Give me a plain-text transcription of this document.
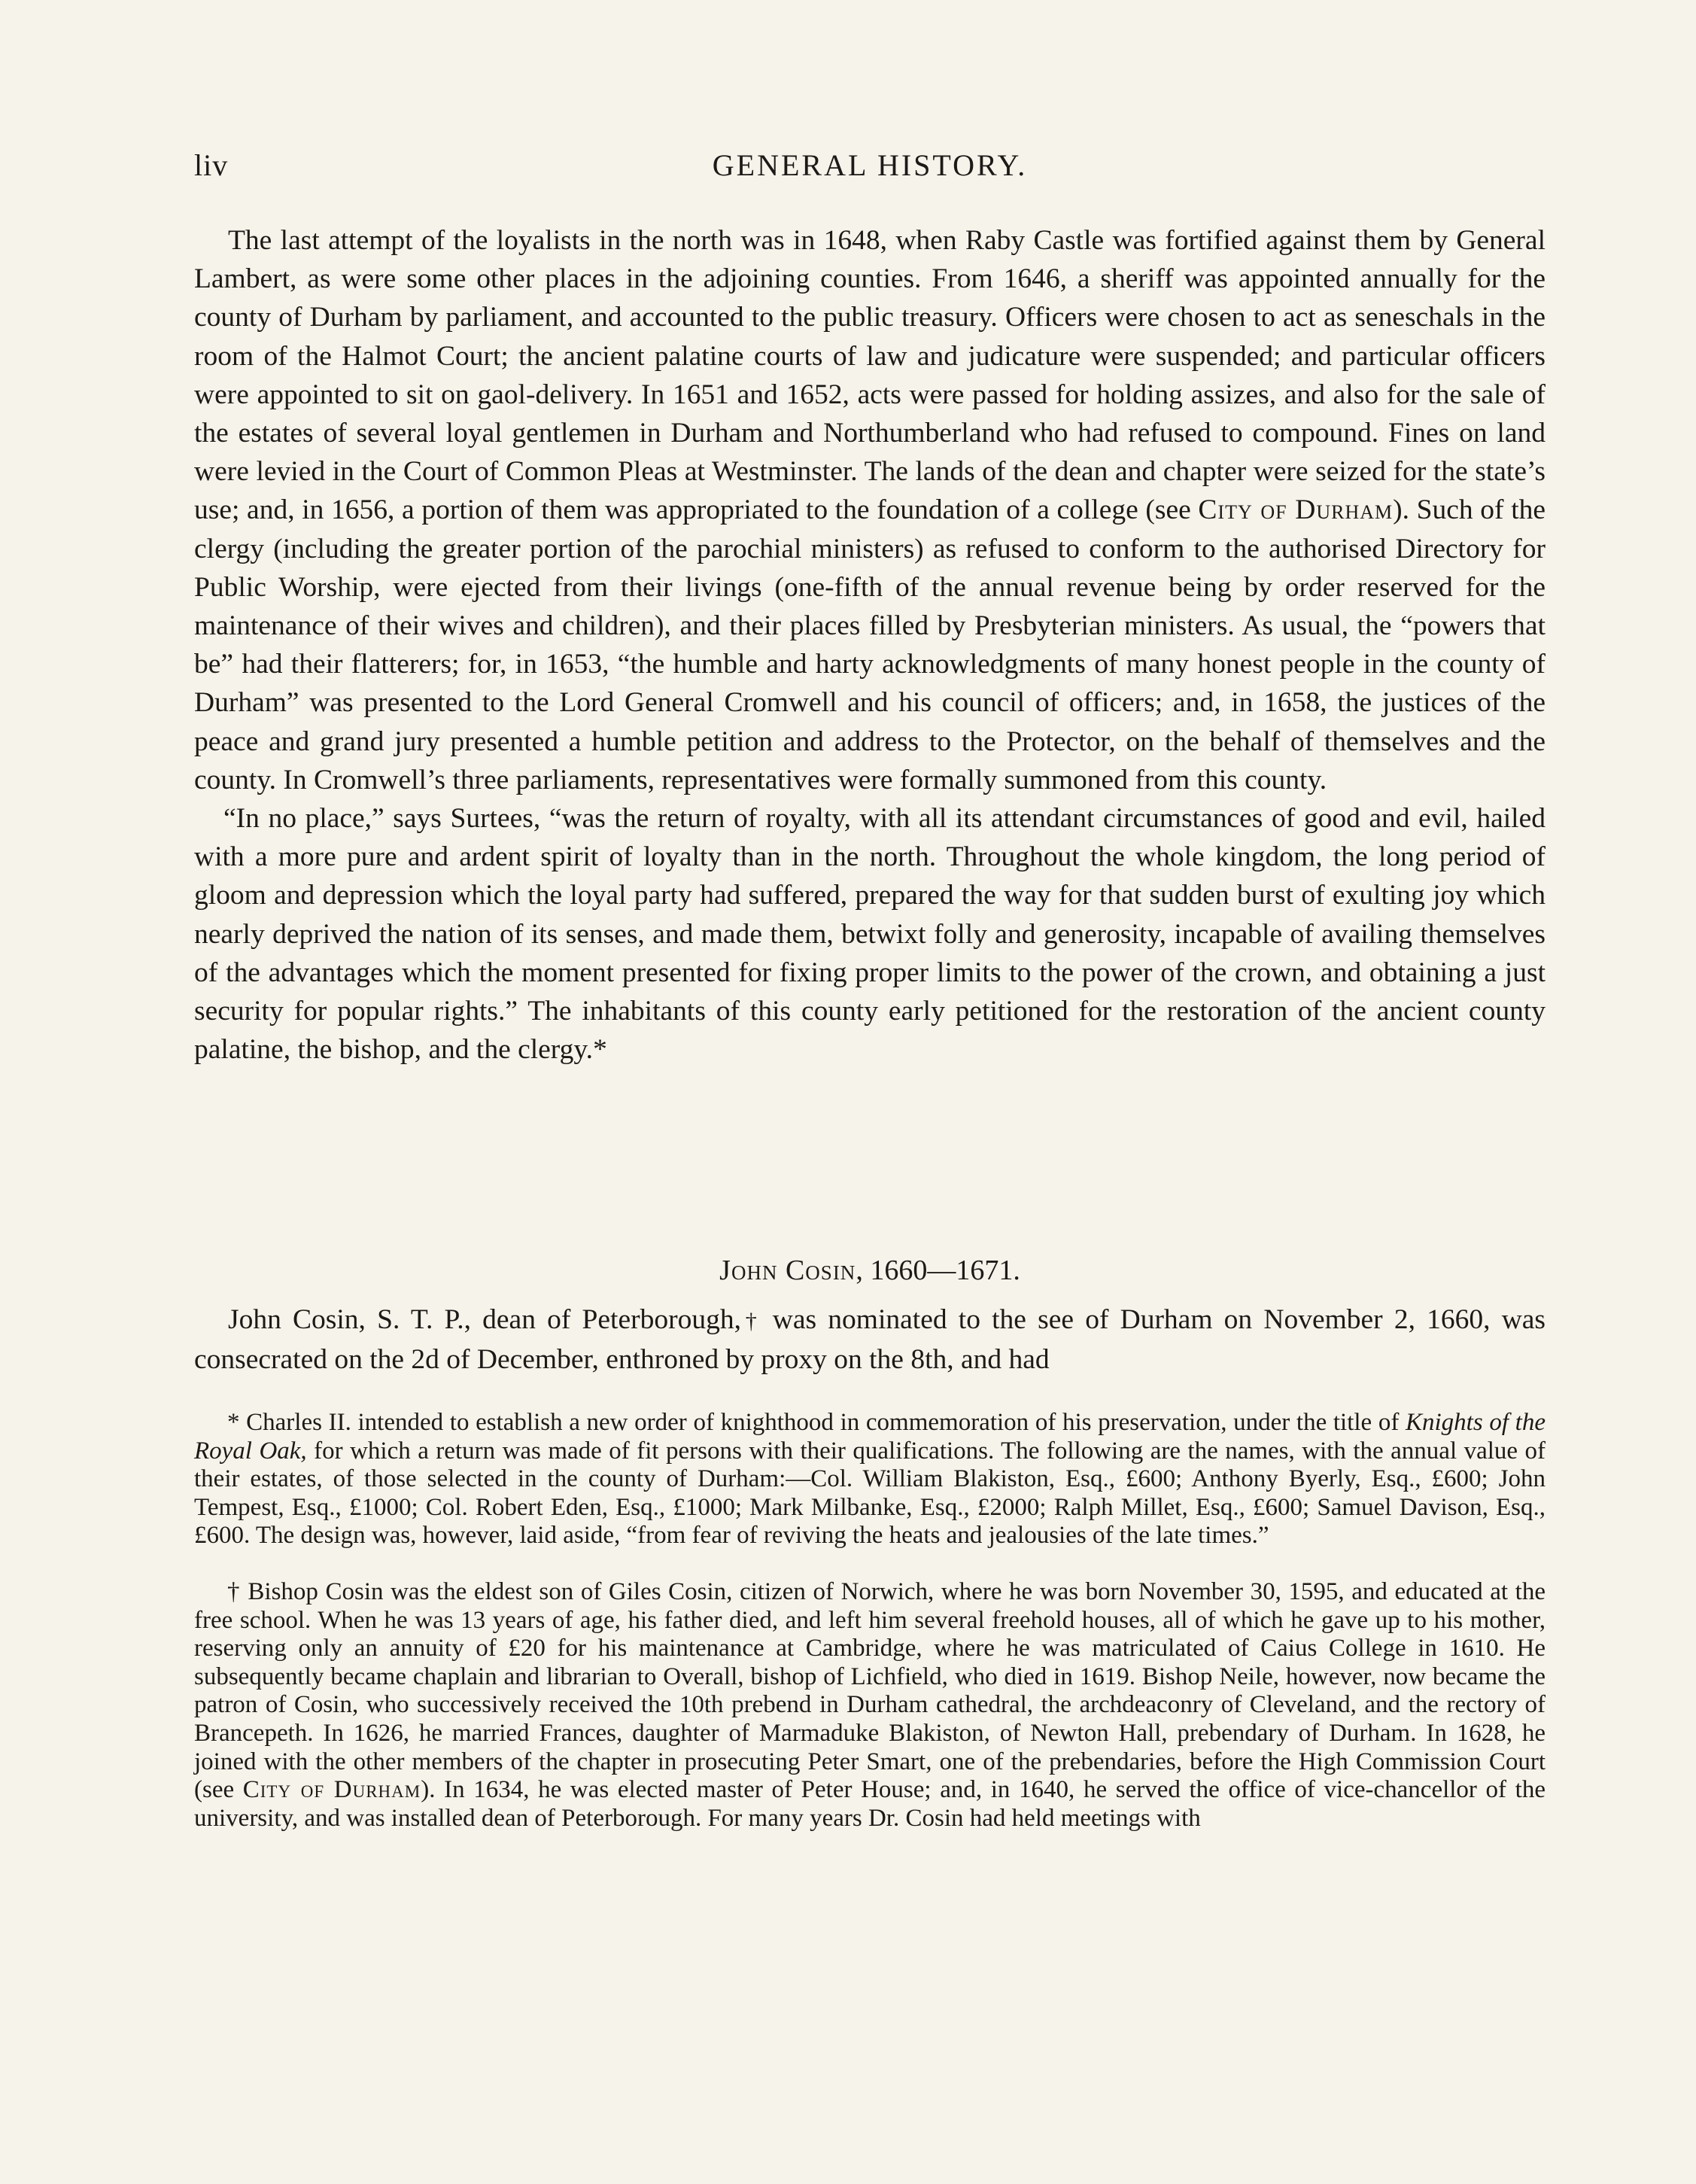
liv	GENERAL HISTORY.

The last attempt of the loyalists in the north was in 1648, when Raby Castle was fortified against them by General Lambert, as were some other places in the adjoining counties. From 1646, a sheriff was appointed annually for the county of Durham by parliament, and accounted to the public treasury. Officers were chosen to act as seneschals in the room of the Halmot Court; the ancient palatine courts of law and judicature were suspended; and particular officers were appointed to sit on gaol-delivery. In 1651 and 1652, acts were passed for holding assizes, and also for the sale of the estates of several loyal gentlemen in Durham and Northumberland who had refused to compound. Fines on land were levied in the Court of Common Pleas at Westminster. The lands of the dean and chapter were seized for the state’s use; and, in 1656, a portion of them was appropriated to the foundation of a college (see City of Durham). Such of the clergy (including the greater portion of the parochial ministers) as refused to conform to the authorised Directory for Public Worship, were ejected from their livings (one-fifth of the annual revenue being by order reserved for the maintenance of their wives and children), and their places filled by Presbyterian ministers. As usual, the “powers that be” had their flatterers; for, in 1653, “the humble and harty acknowledgments of many honest people in the county of Durham” was presented to the Lord General Cromwell and his council of officers; and, in 1658, the justices of the peace and grand jury presented a humble petition and address to the Protector, on the behalf of themselves and the county. In Cromwell’s three parliaments, representatives were formally summoned from this county.

“In no place,” says Surtees, “was the return of royalty, with all its attendant circumstances of good and evil, hailed with a more pure and ardent spirit of loyalty than in the north. Throughout the whole kingdom, the long period of gloom and depression which the loyal party had suffered, prepared the way for that sudden burst of exulting joy which nearly deprived the nation of its senses, and made them, betwixt folly and generosity, incapable of availing themselves of the advantages which the moment presented for fixing proper limits to the power of the crown, and obtaining a just security for popular rights.” The inhabitants of this county early petitioned for the restoration of the ancient county palatine, the bishop, and the clergy.*

John Cosin, 1660—1671.

John Cosin, S. T. P., dean of Peterborough,† was nominated to the see of Durham on November 2, 1660, was consecrated on the 2d of December, enthroned by proxy on the 8th, and had

* Charles II. intended to establish a new order of knighthood in commemoration of his preservation, under the title of Knights of the Royal Oak, for which a return was made of fit persons with their qualifications. The following are the names, with the annual value of their estates, of those selected in the county of Durham:—Col. William Blakiston, Esq., £600; Anthony Byerly, Esq., £600; John Tempest, Esq., £1000; Col. Robert Eden, Esq., £1000; Mark Milbanke, Esq., £2000; Ralph Millet, Esq., £600; Samuel Davison, Esq., £600. The design was, however, laid aside, “from fear of reviving the heats and jealousies of the late times.”

† Bishop Cosin was the eldest son of Giles Cosin, citizen of Norwich, where he was born November 30, 1595, and educated at the free school. When he was 13 years of age, his father died, and left him several freehold houses, all of which he gave up to his mother, reserving only an annuity of £20 for his maintenance at Cambridge, where he was matriculated of Caius College in 1610. He subsequently became chaplain and librarian to Overall, bishop of Lichfield, who died in 1619. Bishop Neile, however, now became the patron of Cosin, who successively received the 10th prebend in Durham cathedral, the archdeaconry of Cleveland, and the rectory of Brancepeth. In 1626, he married Frances, daughter of Marmaduke Blakiston, of Newton Hall, prebendary of Durham. In 1628, he joined with the other members of the chapter in prosecuting Peter Smart, one of the prebendaries, before the High Commission Court (see City of Durham). In 1634, he was elected master of Peter House; and, in 1640, he served the office of vice-chancellor of the university, and was installed dean of Peterborough. For many years Dr. Cosin had held meetings with
